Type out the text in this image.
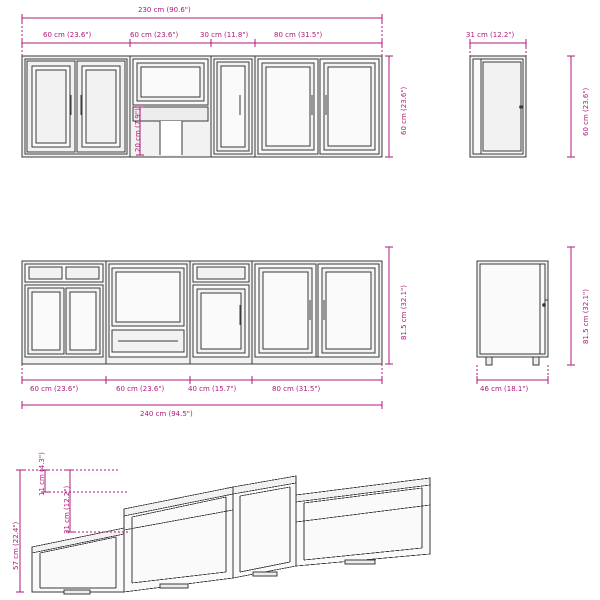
230 cm (90.6")
60 cm (23.6")	60 cm (23.6")	30 cm (11.8")	80 cm (31.5")
60 cm (23.6")
20 cm (7.9")
31 cm (12.2")
60 cm (23.6")
81.5 cm (32.1")
60 cm (23.6")	60 cm (23.6")	40 cm (15.7")	80 cm (31.5")
240 cm (94.5")
81.5 cm (32.1")
46 cm (18.1")
57 cm (22.4")
11 cm (4.3")
31 cm (12.2")
